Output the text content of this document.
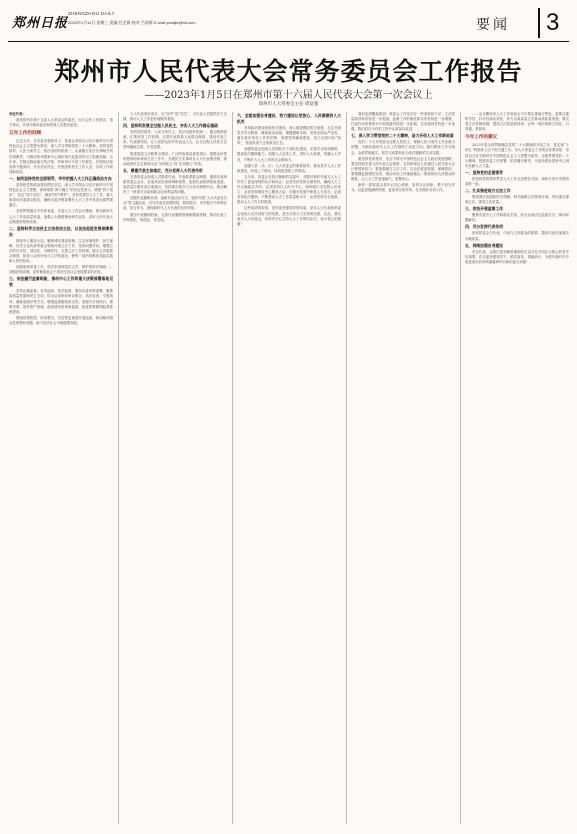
郑州日报
ZHENGZHOU DAILY
2023年1月11日 星期三 责编 任艺霖 校对 吕前辉 E-mail:yaolijie@hlt.com	要闻	3
郑州市人民代表大会常务委员会工作报告
——2023年1月5日在郑州市第十六届人民代表大会第一次会议上
郑州市人大常委会主任 周富强

各位代表：

我受郑州市第十五届人大常委会的委托，向大会作工作报告，请予审议，并请市政协委员和列席人员提出意见。

五年工作的回顾

过去五年，在市委坚强领导下，常委会坚持以习近平新时代中国特色社会主义思想为指导，深入学习贯彻党的二十大精神，坚持党的领导、人民当家作主、依法治国有机统一，认真履行宪法法律赋予的各项职责，为推动郑州国家中心城市现代化建设作出了积极贡献。五年来，共制定修改地方性法规，听取审议专项工作报告，开展执法检查和专题询问，作出决议决定，任免国家机关工作人员，各项工作取得新成效。

一、始终坚持党的全面领导，牢牢把握人大工作正确政治方向

坚持把党的政治建设摆在首位，深入学习领会习近平新时代中国特色社会主义思想，深刻领悟“两个确立”的决定性意义，增强“四个意识”、坚定“四个自信”、做到“两个维护”。坚持党领导人大工作，重大事项向市委请示报告，确保市委决策部署在人大工作中得到全面贯彻落实。

全面贯彻落实中央和省委、市委人大工作会议精神，推动新时代人大工作高质量发展，加强人大制度理论研究宣传，讲好人民代表大会制度的郑州故事。

二、坚持科学立法民主立法依法立法，以良法促进发展保障善治

围绕中心服务大局，聚焦城市建设管理、生态环境保护、民生保障、历史文化传承等重点领域开展立法工作，坚持问题导向，增强立法的针对性、适用性、可操作性。完善立法工作机制，健全立法联系点制度，拓宽公众有序参与立法的途径，使每一部法规都经得起实践和人民的检验。

加强备案审查工作，依法审查规范性文件，维护国家法制统一。加强法规清理，及时修改废止不适应经济社会发展要求的法规。

三、依法履行监督职能，推动中心工作和重大决策部署落地见效

坚持正确监督、有效监督、依法监督，紧扣市委决策部署，聚焦高质量发展和民生关切，综合运用听取审议报告、执法检查、专题询问、满意度测评等方式，增强监督刚性和实效。加强对计划执行、预算决算、国有资产管理、政府债务的审查监督，推进预算联网监督系统建设。

围绕疫情防控、防汛救灾、灾后恢复重建开展监督，推动解决群众急难愁盼问题，助力经济社会平稳健康发展。

人大代表来信来访，以“民声”促“民生”，为代表人员提供有力支撑，推动人大工作更好地服务基层。

四、坚持和发展全过程人民民主，夯实人大工作群众基础

坚持党的领导、人民当家作主、依法治国有机统一，健全吸纳民意、汇集民智工作机制，完善代表联系人民群众制度，建设代表之家、代表联络站，让人民群众的声音直达人大，让全过程人民民主在郑州落地生根、开花结果。

推进基层立法联系点建设，广泛听取基层意见建议，把群众所思所想所盼体现到立法工作中。开展民生实事项目人大代表票决制，推动政府民生实事项目由“为民做主”向“由民做主”转变。

五、尊重代表主体地位，充分发挥人大代表作用

完善常委会组成人员联系代表、代表联系群众制度，邀请代表列席常委会会议、参加执法检查和调研视察，拓展代表知情知政渠道。高质量办理代表议案建议，坚持重点督办与分类办理相结合，推动解决了一批事关全局和群众切身利益的问题。

加强代表履职培训，创新代表活动方式，组织开展“人大代表在行动”等主题活动，引导代表在疫情防控、防汛救灾、乡村振兴中冲锋在前、担当作为，展现新时代人大代表的良好形象。

健全代表履职档案，完善代表履职管理和激励机制，推动代表工作制度化、规范化、常态化。

六、全面加强自身建设，努力建设让党放心、人民满意的人大机关

坚持政治建设统领机关建设，深入推进模范机关创建，扎实开展党史学习教育，锤炼政治品格，增强履职本领。坚持全面从严治党，落实意识形态工作责任制，加强党风廉政建设，持之以恒纠治“四风”，营造风清气正的政治生态。

加强常委会组成人员和机关干部队伍建设，完善学习培训制度，提高依法履职能力。加强人大宣传工作，讲好人大故事，传播人大声音，不断扩大人大工作的社会影响力。

加强与县（市、区）人大常委会的联系指导，推动县乡人大工作和建设，形成上下联动、协同推进的工作格局。

五年来，常委会在依法履职的实践中，对做好新时代地方人大工作有了更加深刻的认识和体会：必须坚持党的全面领导，确保人大工作正确政治方向；必须坚持以人民为中心，始终践行全过程人民民主；必须坚持围绕中心服务大局，在服务发展中彰显人大担当；必须坚持依法履职，不断提高人大工作质量和水平；必须坚持守正创新，推动人大工作与时俱进。

这些成绩的取得，是市委坚强领导的结果，是市人大代表和常委会组成人员共同努力的结果，是各方面大力支持的结果。在此，我代表市人大常委会，向所有关心支持人大工作的同志们，表示衷心的感谢！

我们也清醒地看到，常委会工作还存在一些差距和不足：立法质量和效率有待进一步提高，监督工作的刚性和实效有待进一步增强，代表作用发挥的平台和渠道有待进一步拓展，自身建设有待进一步加强。我们将在今后的工作中认真加以改进。

七、深入学习贯彻党的二十大精神，奋力开创人大工作新局面

党的二十大对发展全过程人民民主、保障人民当家作主作出重大部署，为做好新时代人大工作指明了前进方向。我们要深入学习领会，全面贯彻落实，把学习成果转化为依法履职的生动实践。

要坚持党的领导，坚定不移走中国特色社会主义政治发展道路；要坚持和完善人民代表大会制度，支持和保证人民通过人民代表大会行使国家权力；要加强地方立法工作，以良法促进发展、保障善治；要增强监督刚性实效，推动各项工作落地落实；要密切同人民群众的联系，让人大工作更接地气、更聚民心。

新的一届常委会将牢记初心使命，坚持守正创新，勇于担当作为，以更加饱满的热情、更加务实的作风，扎实做好各项工作。

……会议期间市人大工作座谈会不仅要注重地方特色，更要注重科学性、针对性和实效性，努力以高质量立法推动高质量发展。要完善立法体制机制，提高立法质量和效率，让每一部法规都立得住、行得通、真管用。

今年工作的建议

2023年是全面贯彻落实党的二十大精神的开局之年，是实施“十四五”规划承上启下的关键之年。市人大常委会工作的总体要求是：坚持以习近平新时代中国特色社会主义思想为指导，全面贯彻党的二十大精神，按照市委工作部署，依法履行职责，为加快建设国家中心城市贡献人大力量。

一、坚持党的全面领导

把坚持党的领导贯穿人大工作全过程各方面，始终与党中央保持高度一致。

二、扎实推进地方立法工作

围绕城市发展和民生保障，科学编制立法规划计划，突出重点领域立法，提高立法质量。

三、依法开展监督工作

聚焦市委中心工作和群众关切，综合运用法定监督方式，推动问题解决。

四、充分发挥代表作用

密切常委会与代表、代表与人民群众的联系，提高代表议案建议办理质量。

五、持续加强自身建设

各位代表，让我们更加紧密地团结在以习近平同志为核心的党中央周围，在市委坚强领导下，踔厉奋发、勇毅前行，为谱写新时代中原更加出彩的绚丽篇章作出新的更大贡献！
